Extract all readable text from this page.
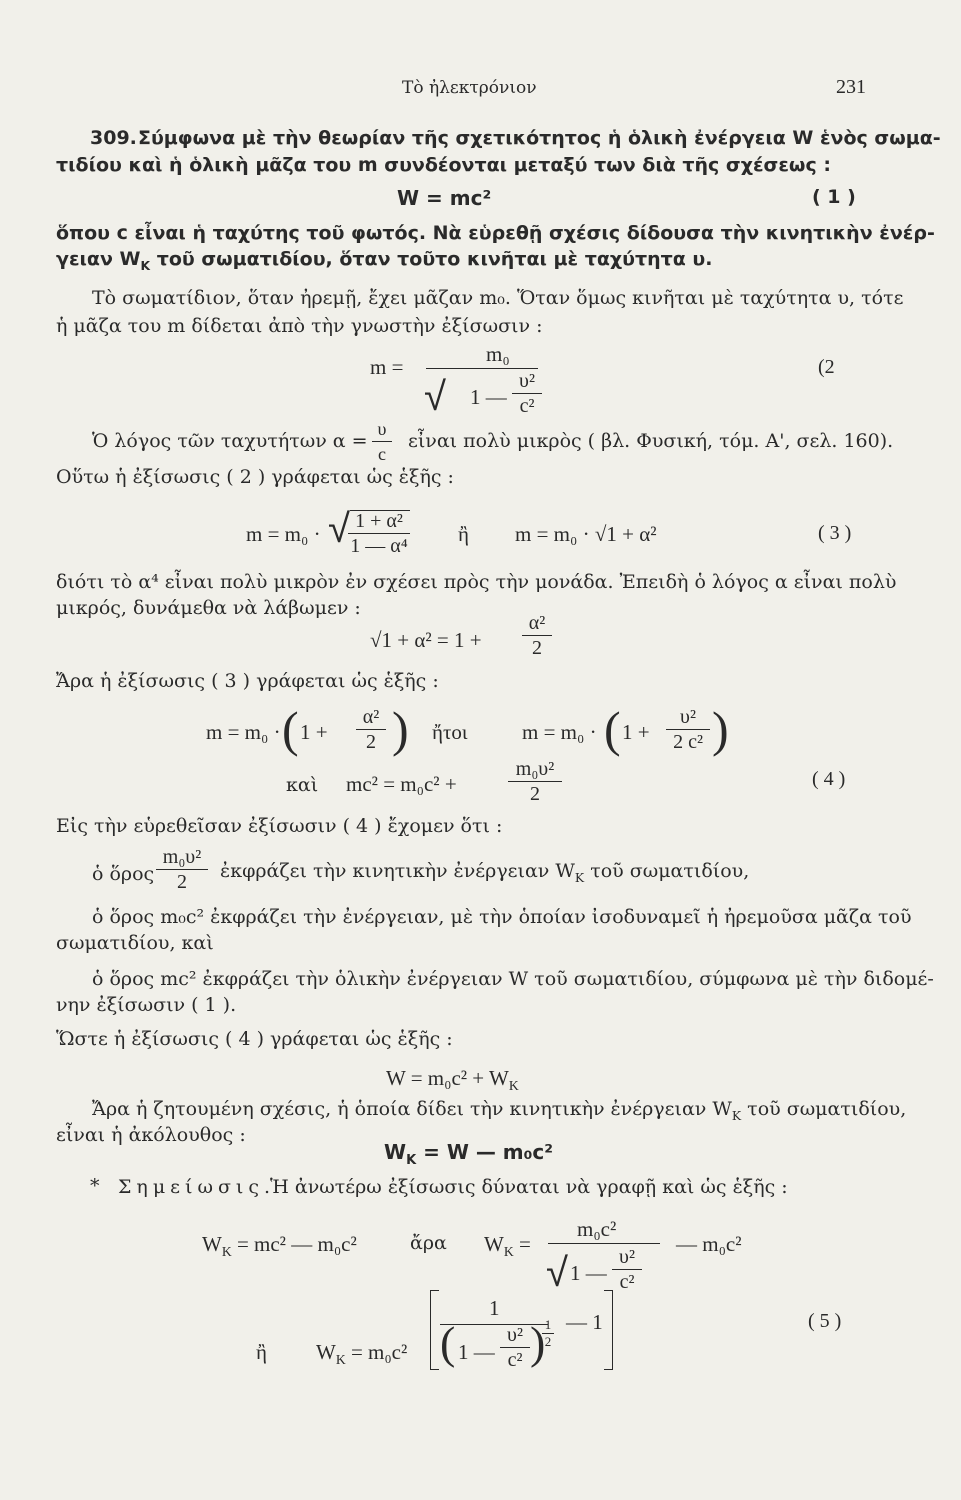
Τὸ ἠλεκτρόνιον	231
309. Σύμφωνα μὲ τὴν θεωρίαν τῆς σχετικότητος ἡ ὁλικὴ ἐνέργεια W ἑνὸς σωμα-
τιδίου καὶ ἡ ὁλικὴ μᾶζα του m συνδέονται μεταξύ των διὰ τῆς σχέσεως :
W = mc²	( 1 )
ὅπου c εἶναι ἡ ταχύτης τοῦ φωτός. Νὰ εὑρεθῇ σχέσις δίδουσα τὴν κινητικὴν ἐνέρ-
γειαν $W_K$ τοῦ σωματιδίου, ὅταν τοῦτο κινῆται μὲ ταχύτητα υ.
Τὸ σωματίδιον, ὅταν ἠρεμῇ, ἔχει μᾶζαν m₀. Ὅταν ὅμως κινῆται μὲ ταχύτητα υ, τότε
ἡ μᾶζα του m δίδεται ἀπὸ τὴν γνωστὴν ἐξίσωσιν :
m =
m₀
√ 1 —
υ²
c²
(2
Ὁ λόγος τῶν ταχυτήτων α =
υ
c
εἶναι πολὺ μικρὸς ( βλ. Φυσική, τόμ. Α', σελ. 160).
Οὕτω ἡ ἐξίσωσις ( 2 ) γράφεται ὡς ἑξῆς :
m = m₀ · √ 1 + α²
1 — α⁴ ἢ m = m₀ · √1 + α²	( 3 )
διότι τὸ α⁴ εἶναι πολὺ μικρὸν ἐν σχέσει πρὸς τὴν μονάδα. Ἐπειδὴ ὁ λόγος α εἶναι πολὺ
μικρός, δυνάμεθα νὰ λάβωμεν :
√1 + α² = 1 +
α²
2
Ἄρα ἡ ἐξίσωσις ( 3 ) γράφεται ὡς ἑξῆς :
m = m₀ · ( 1 +
α²
2 ) ἤτοι	m = m₀ · ( 1 +
υ²
2 c² )
καὶ mc² = m₀c² +
m₀υ²
2
( 4 )
Εἰς τὴν εὑρεθεῖσαν ἐξίσωσιν ( 4 ) ἔχομεν ὅτι :
ὁ ὅρος
m₀υ²
2	ἐκφράζει τὴν κινητικὴν ἐνέργειαν $W_K$ τοῦ σωματιδίου,
ὁ ὅρος m₀c² ἐκφράζει τὴν ἐνέργειαν, μὲ τὴν ὁποίαν ἰσοδυναμεῖ ἡ ἠρεμοῦσα μᾶζα τοῦ
σωματιδίου, καὶ
ὁ ὅρος mc² ἐκφράζει τὴν ὁλικὴν ἐνέργειαν W τοῦ σωματιδίου, σύμφωνα μὲ τὴν διδομέ-
νην ἐξίσωσιν ( 1 ).
Ὥστε ἡ ἐξίσωσις ( 4 ) γράφεται ὡς ἑξῆς :
$W = m_0c^2 + W_K$
Ἄρα ἡ ζητουμένη σχέσις, ἡ ὁποία δίδει τὴν κινητικὴν ἐνέργειαν $W_K$ τοῦ σωματιδίου,
εἶναι ἡ ἀκόλουθος :
$W_K = W$ — m₀c²
* Σημείωσις.
Ἡ ἀνωτέρω ἐξίσωσις δύναται νὰ γραφῇ καὶ ὡς ἑξῆς :
$W_K = mc^2$ — m₀c²	ἄρα $W_K$ =
m₀c²
√ 1 —
υ²
c²
— m₀c²
ἢ $W_K = m_0c^2$
1
( 1 —
υ²
c² ) 1
2
— 1	( 5 )
